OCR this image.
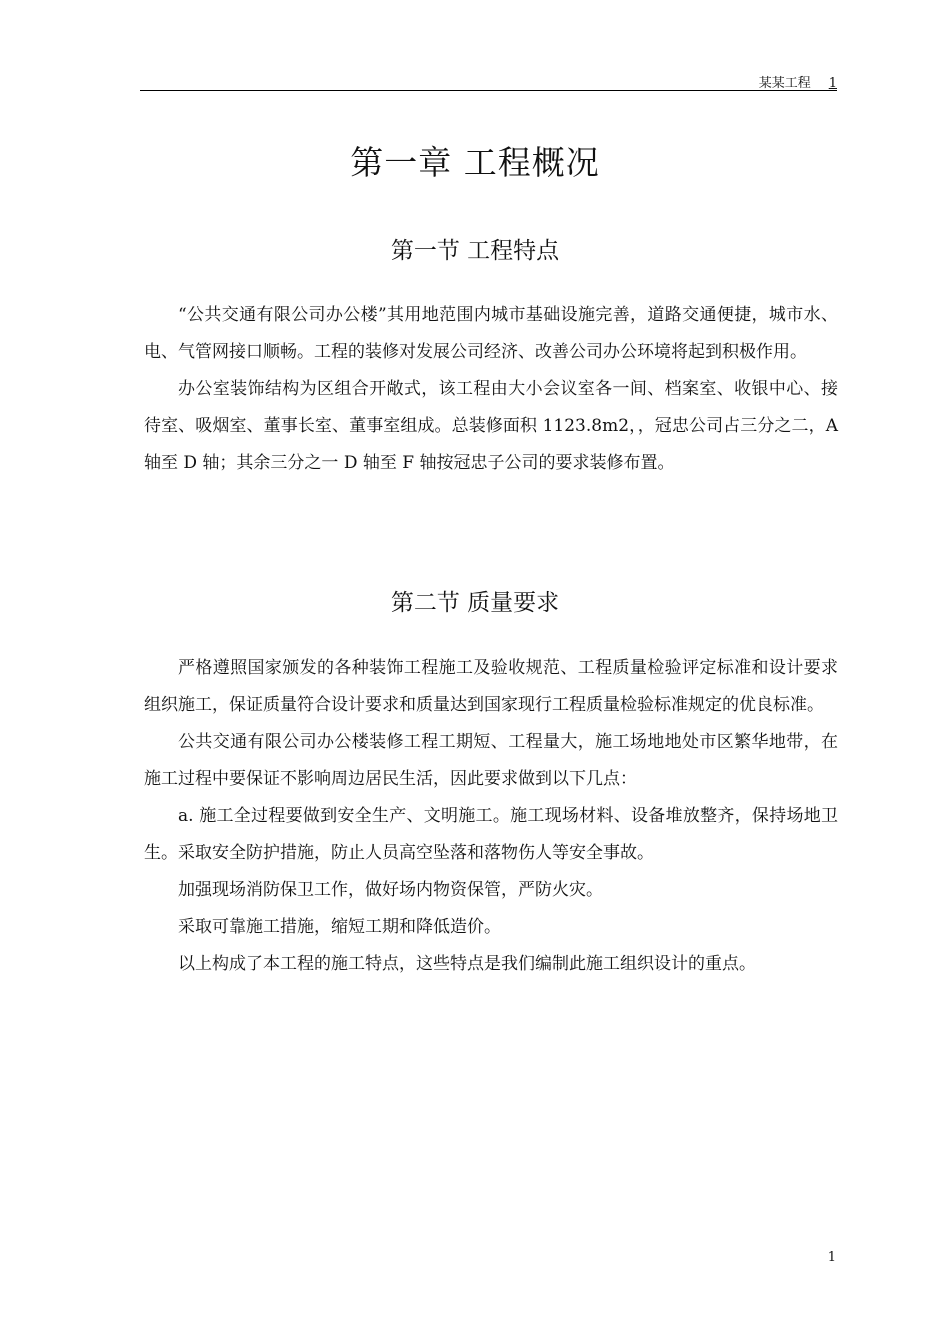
某某工程 1
第一章 工程概况
第一节 工程特点

“公共交通有限公司办公楼”其用地范围内城市基础设施完善，道路交通便捷，城市水、电、气管网接口顺畅。工程的装修对发展公司经济、改善公司办公环境将起到积极作用。

办公室装饰结构为区组合开敞式，该工程由大小会议室各一间、档案室、收银中心、接待室、吸烟室、董事长室、董事室组成。总装修面积 1123.8m2，，冠忠公司占三分之二，A 轴至 D 轴；其余三分之一 D 轴至 F 轴按冠忠子公司的要求装修布置。

第二节 质量要求

严格遵照国家颁发的各种装饰工程施工及验收规范、工程质量检验评定标准和设计要求组织施工，保证质量符合设计要求和质量达到国家现行工程质量检验标准规定的优良标准。

公共交通有限公司办公楼装修工程工期短、工程量大，施工场地地处市区繁华地带，在施工过程中要保证不影响周边居民生活，因此要求做到以下几点：

a. 施工全过程要做到安全生产、文明施工。施工现场材料、设备堆放整齐，保持场地卫生。采取安全防护措施，防止人员高空坠落和落物伤人等安全事故。

加强现场消防保卫工作，做好场内物资保管，严防火灾。

采取可靠施工措施，缩短工期和降低造价。

以上构成了本工程的施工特点，这些特点是我们编制此施工组织设计的重点。

1
